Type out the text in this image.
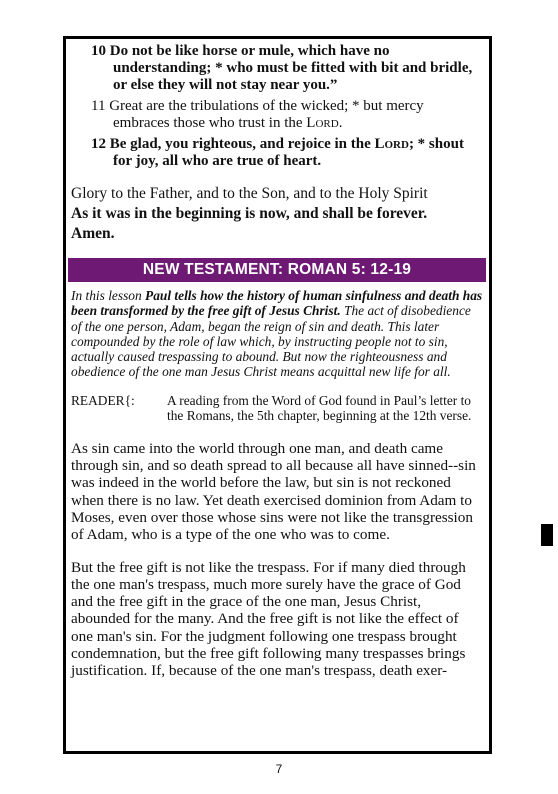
10 Do not be like horse or mule, which have no understanding; * who must be fitted with bit and bridle, or else they will not stay near you.”

11 Great are the tribulations of the wicked; * but mercy embraces those who trust in the Lord.

12 Be glad, you righteous, and rejoice in the Lord; * shout for joy, all who are true of heart.

Glory to the Father, and to the Son, and to the Holy Spirit
As it was in the beginning is now, and shall be forever.
Amen.
NEW TESTAMENT: ROMAN 5: 12-19

In this lesson Paul tells how the history of human sinfulness and death has been transformed by the free gift of Jesus Christ. The act of disobedience of the one person, Adam, began the reign of sin and death. This later compounded by the role of law which, by instructing people not to sin, actually caused trespassing to abound. But now the righteousness and obedience of the one man Jesus Christ means acquittal new life for all.

READER{:	A reading from the Word of God found in Paul’s letter to the Romans, the 5th chapter, beginning at the 12th verse.

As sin came into the world through one man, and death came through sin, and so death spread to all because all have sinned--sin was indeed in the world before the law, but sin is not reckoned when there is no law. Yet death exercised dominion from Adam to Moses, even over those whose sins were not like the transgression of Adam, who is a type of the one who was to come.

But the free gift is not like the trespass. For if many died through the one man's trespass, much more surely have the grace of God and the free gift in the grace of the one man, Jesus Christ, abounded for the many. And the free gift is not like the effect of one man's sin. For the judgment following one trespass brought condemnation, but the free gift following many trespasses brings justification. If, because of the one man's trespass, death exer-

7
